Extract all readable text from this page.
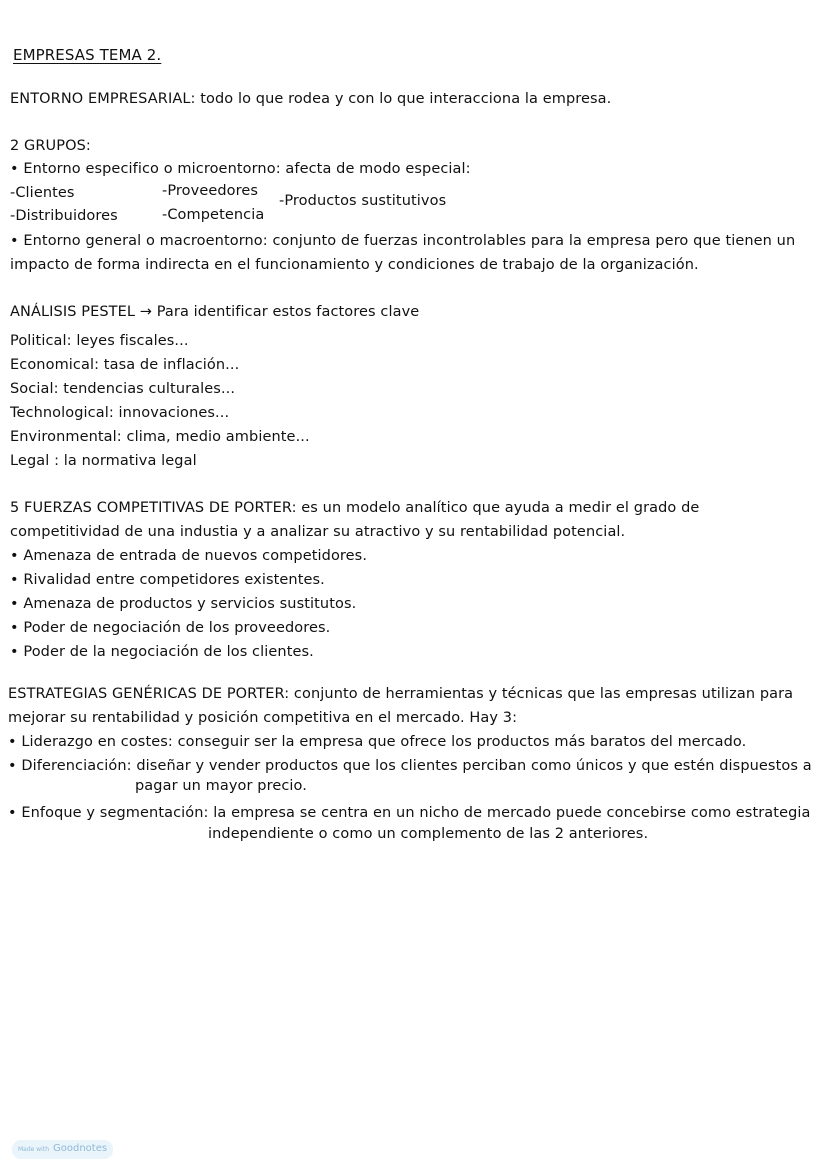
EMPRESAS TEMA 2.
ENTORNO EMPRESARIAL: todo lo que rodea y con lo que interacciona la empresa.
2 GRUPOS:
• Entorno especifico o microentorno: afecta de modo especial:
-Clientes	-Proveedores
-Productos sustitutivos
-Distribuidores	-Competencia
• Entorno general o macroentorno: conjunto de fuerzas incontrolables para la empresa pero que tienen un
impacto de forma indirecta en el funcionamiento y condiciones de trabajo de la organización.
ANÁLISIS PESTEL → Para identificar estos factores clave
Political: leyes fiscales...
Economical: tasa de inflación...
Social: tendencias culturales...
Technological: innovaciones...
Environmental: clima, medio ambiente...
Legal : la normativa legal
5 FUERZAS COMPETITIVAS DE PORTER: es un modelo analítico que ayuda a medir el grado de
competitividad de una industia y a analizar su atractivo y su rentabilidad potencial.
• Amenaza de entrada de nuevos competidores.
• Rivalidad entre competidores existentes.
• Amenaza de productos y servicios sustitutos.
• Poder de negociación de los proveedores.
• Poder de la negociación de los clientes.
ESTRATEGIAS GENÉRICAS DE PORTER: conjunto de herramientas y técnicas que las empresas utilizan para
mejorar su rentabilidad y posición competitiva en el mercado. Hay 3:
• Liderazgo en costes: conseguir ser la empresa que ofrece los productos más baratos del mercado.
• Diferenciación: diseñar y vender productos que los clientes perciban como únicos y que estén dispuestos a
pagar un mayor precio.
• Enfoque y segmentación: la empresa se centra en un nicho de mercado puede concebirse como estrategia
independiente o como un complemento de las 2 anteriores.
Made with Goodnotes
